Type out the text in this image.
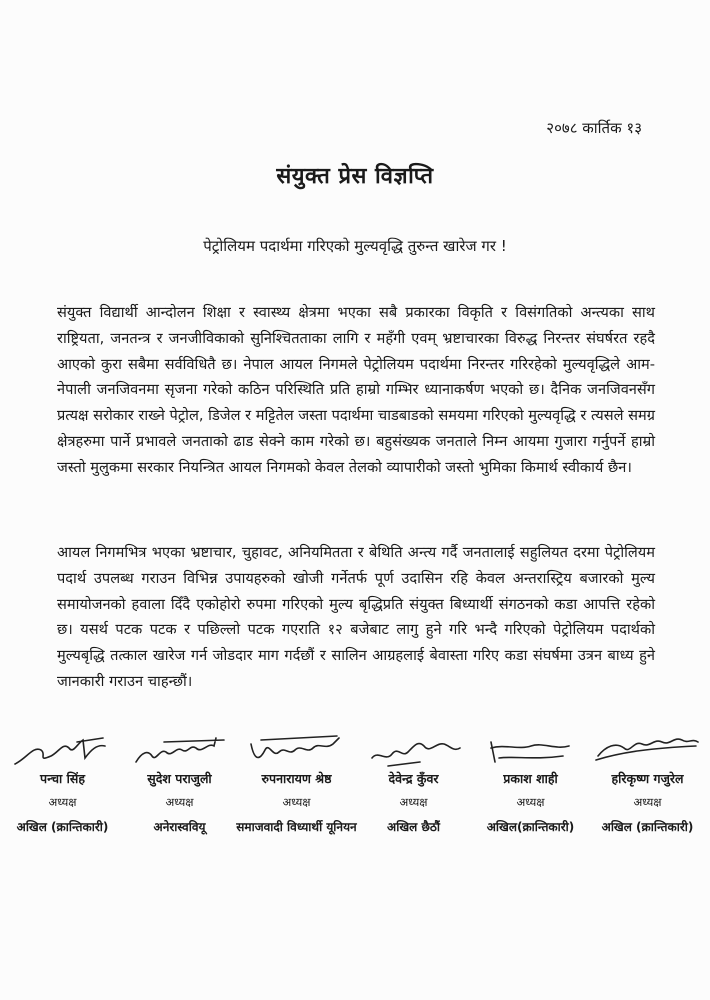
२०७८ कार्तिक १३
संयुक्त प्रेस विज्ञप्ति
पेट्रोलियम पदार्थमा गरिएको मुल्यवृद्धि तुरुन्त खारेज गर !

संयुक्त विद्यार्थी आन्दोलन शिक्षा र स्वास्थ्य क्षेत्रमा भएका सबै प्रकारका विकृति र विसंगतिको अन्त्यका साथ राष्ट्रियता, जनतन्त्र र जनजीविकाको सुनिश्चितताका लागि र महँगी एवम् भ्रष्टाचारका विरुद्ध निरन्तर संघर्षरत रहदै आएको कुरा सबैमा सर्वविधितै छ। नेपाल आयल निगमले पेट्रोलियम पदार्थमा निरन्तर गरिरहेको मुल्यवृद्धिले आम-नेपाली जनजिवनमा सृजना गरेको कठिन परिस्थिति प्रति हाम्रो गम्भिर ध्यानाकर्षण भएको छ। दैनिक जनजिवनसँग प्रत्यक्ष सरोकार राख्ने पेट्रोल, डिजेल र मट्टितेल जस्ता पदार्थमा चाडबाडको समयमा गरिएको मुल्यवृद्धि र त्यसले समग्र क्षेत्रहरुमा पार्ने प्रभावले जनताको ढाड सेक्ने काम गरेको छ। बहुसंख्यक जनताले निम्न आयमा गुजारा गर्नुपर्ने हाम्रो जस्तो मुलुकमा सरकार नियन्त्रित आयल निगमको केवल तेलको व्यापारीको जस्तो भुमिका किमार्थ स्वीकार्य छैन।

आयल निगमभित्र भएका भ्रष्टाचार, चुहावट, अनियमितता र बेथिति अन्त्य गर्दै जनतालाई सहुलियत दरमा पेट्रोलियम पदार्थ उपलब्ध गराउन विभिन्न उपायहरुको खोजी गर्नेतर्फ पूर्ण उदासिन रहि केवल अन्तरास्ट्रिय बजारको मुल्य समायोजनको हवाला दिँदै एकोहोरो रुपमा गरिएको मुल्य बृद्धिप्रति संयुक्त बिध्यार्थी संगठनको कडा आपत्ति रहेको छ। यसर्थ पटक पटक र पछिल्लो पटक गएराति १२ बजेबाट लागु हुने गरि भन्दै गरिएको पेट्रोलियम पदार्थको मुल्यबृद्धि तत्काल खारेज गर्न जोडदार माग गर्दछौं र सालिन आग्रहलाई बेवास्ता गरिए कडा संघर्षमा उत्रन बाध्य हुने जानकारी गराउन चाहन्छौं।

पन्चा सिंह
अध्यक्ष
अखिल (क्रान्तिकारी)
सुदेश पराजुली
अध्यक्ष
अनेरास्ववियू
रुपनारायण श्रेष्ठ
अध्यक्ष
समाजवादी विध्यार्थी यूनियन
देवेन्द्र कुँवर
अध्यक्ष
अखिल छैठौं
प्रकाश शाही
अध्यक्ष
अखिल(क्रान्तिकारी)
हरिकृष्ण गजुरेल
अध्यक्ष
अखिल (क्रान्तिकारी)
